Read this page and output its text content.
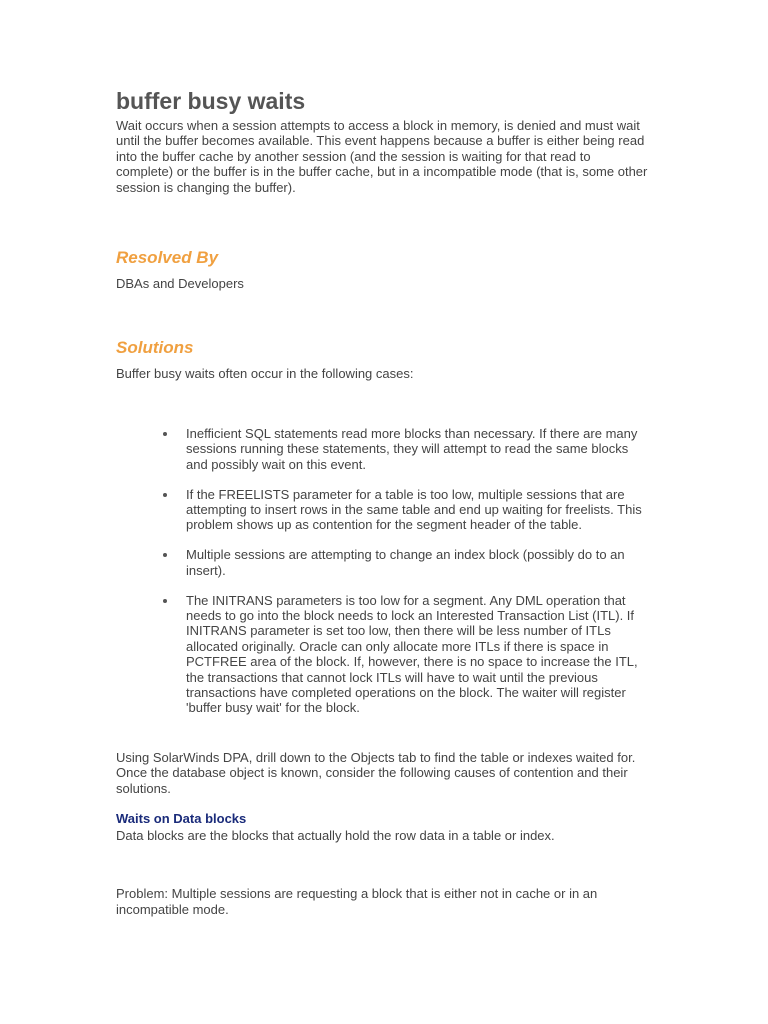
buffer busy waits

Wait occurs when a session attempts to access a block in memory, is denied and must wait until the buffer becomes available. This event happens because a buffer is either being read into the buffer cache by another session (and the session is waiting for that read to complete) or the buffer is in the buffer cache, but in a incompatible mode (that is, some other session is changing the buffer).

Resolved By

DBAs and Developers

Solutions

Buffer busy waits often occur in the following cases:

Inefficient SQL statements read more blocks than necessary. If there are many sessions running these statements, they will attempt to read the same blocks and possibly wait on this event.
If the FREELISTS parameter for a table is too low, multiple sessions that are attempting to insert rows in the same table and end up waiting for freelists. This problem shows up as contention for the segment header of the table.
Multiple sessions are attempting to change an index block (possibly do to an insert).
The INITRANS parameters is too low for a segment. Any DML operation that needs to go into the block needs to lock an Interested Transaction List (ITL). If INITRANS parameter is set too low, then there will be less number of ITLs allocated originally. Oracle can only allocate more ITLs if there is space in PCTFREE area of the block. If, however, there is no space to increase the ITL, the transactions that cannot lock ITLs will have to wait until the previous transactions have completed operations on the block. The waiter will register 'buffer busy wait' for the block.

Using SolarWinds DPA, drill down to the Objects tab to find the table or indexes waited for. Once the database object is known, consider the following causes of contention and their solutions.

Waits on Data blocks

Data blocks are the blocks that actually hold the row data in a table or index.

Problem: Multiple sessions are requesting a block that is either not in cache or in an incompatible mode.
